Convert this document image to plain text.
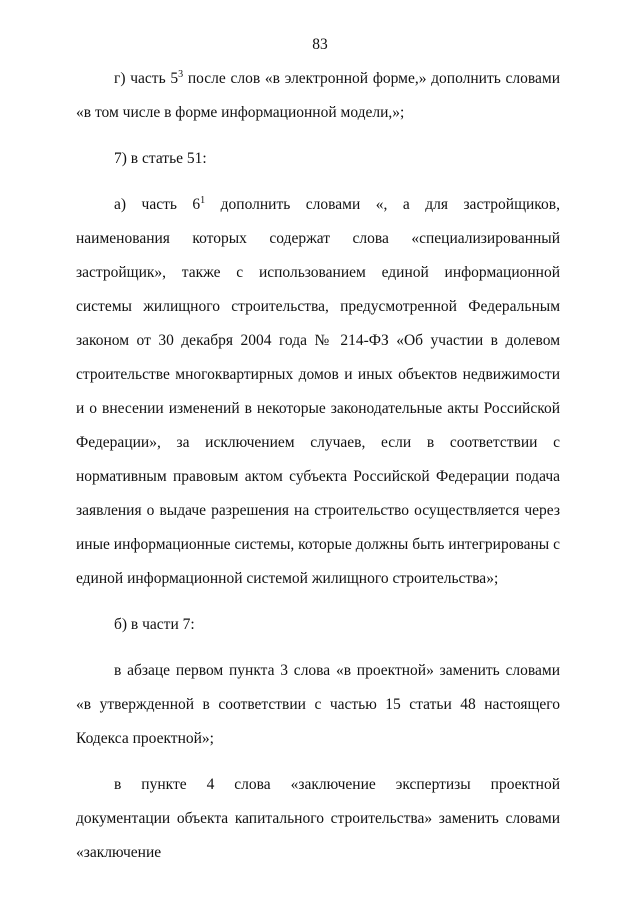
83

г) часть $5^3$ после слов «в электронной форме,» дополнить словами «в том числе в форме информационной модели,»;

7) в статье 51:

а) часть $6^1$ дополнить словами «, а для застройщиков, наименования которых содержат слова «специализированный застройщик», также с использованием единой информационной системы жилищного строительства, предусмотренной Федеральным законом от 30 декабря 2004 года № 214-ФЗ «Об участии в долевом строительстве многоквартирных домов и иных объектов недвижимости и о внесении изменений в некоторые законодательные акты Российской Федерации», за исключением случаев, если в соответствии с нормативным правовым актом субъекта Российской Федерации подача заявления о выдаче разрешения на строительство осуществляется через иные информационные системы, которые должны быть интегрированы с единой информационной системой жилищного строительства»;

б) в части 7:

в абзаце первом пункта 3 слова «в проектной» заменить словами «в утвержденной в соответствии с частью 15 статьи 48 настоящего Кодекса проектной»;

в пункте 4 слова «заключение экспертизы проектной документации объекта капитального строительства» заменить словами «заключение
